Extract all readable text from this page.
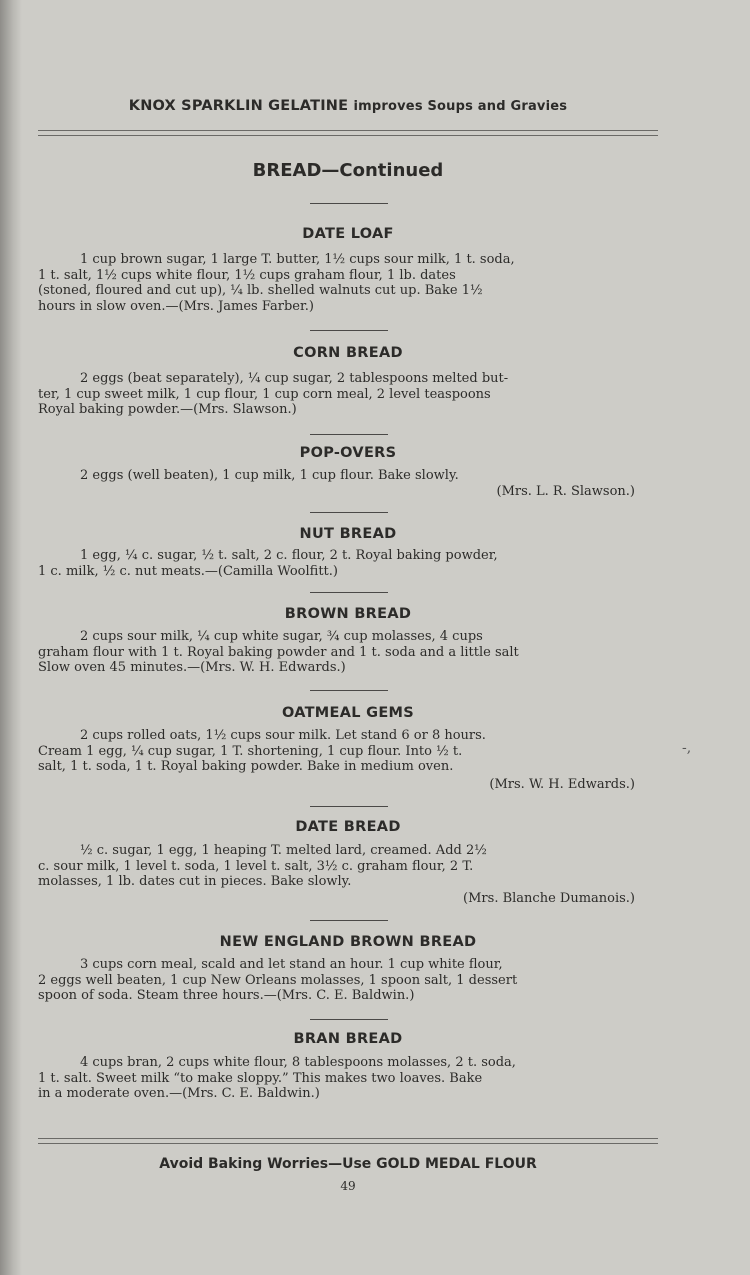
KNOX SPARKLIN GELATINE improves Soups and Gravies
BREAD—Continued
DATE LOAF
1 cup brown sugar, 1 large T. butter, 1½ cups sour milk, 1 t. soda,
1 t. salt, 1½ cups white flour, 1½ cups graham flour, 1 lb. dates
(stoned, floured and cut up), ¼ lb. shelled walnuts cut up. Bake 1½
hours in slow oven.—(Mrs. James Farber.)
CORN BREAD
2 eggs (beat separately), ¼ cup sugar, 2 tablespoons melted but-
ter, 1 cup sweet milk, 1 cup flour, 1 cup corn meal, 2 level teaspoons
Royal baking powder.—(Mrs. Slawson.)
POP-OVERS
2 eggs (well beaten), 1 cup milk, 1 cup flour. Bake slowly.
(Mrs. L. R. Slawson.)
NUT BREAD
1 egg, ¼ c. sugar, ½ t. salt, 2 c. flour, 2 t. Royal baking powder,
1 c. milk, ½ c. nut meats.—(Camilla Woolfitt.)
BROWN BREAD
2 cups sour milk, ¼ cup white sugar, ¾ cup molasses, 4 cups
graham flour with 1 t. Royal baking powder and 1 t. soda and a little salt
Slow oven 45 minutes.—(Mrs. W. H. Edwards.)
OATMEAL GEMS
2 cups rolled oats, 1½ cups sour milk. Let stand 6 or 8 hours.
Cream 1 egg, ¼ cup sugar, 1 T. shortening, 1 cup flour. Into ½ t.
salt, 1 t. soda, 1 t. Royal baking powder. Bake in medium oven.
(Mrs. W. H. Edwards.)
DATE BREAD
½ c. sugar, 1 egg, 1 heaping T. melted lard, creamed. Add 2½
c. sour milk, 1 level t. soda, 1 level t. salt, 3½ c. graham flour, 2 T.
molasses, 1 lb. dates cut in pieces. Bake slowly.
(Mrs. Blanche Dumanois.)
NEW ENGLAND BROWN BREAD
3 cups corn meal, scald and let stand an hour. 1 cup white flour,
2 eggs well beaten, 1 cup New Orleans molasses, 1 spoon salt, 1 dessert
spoon of soda. Steam three hours.—(Mrs. C. E. Baldwin.)
BRAN BREAD
4 cups bran, 2 cups white flour, 8 tablespoons molasses, 2 t. soda,
1 t. salt. Sweet milk “to make sloppy.” This makes two loaves. Bake
in a moderate oven.—(Mrs. C. E. Baldwin.)
Avoid Baking Worries—Use GOLD MEDAL FLOUR
49
-,
